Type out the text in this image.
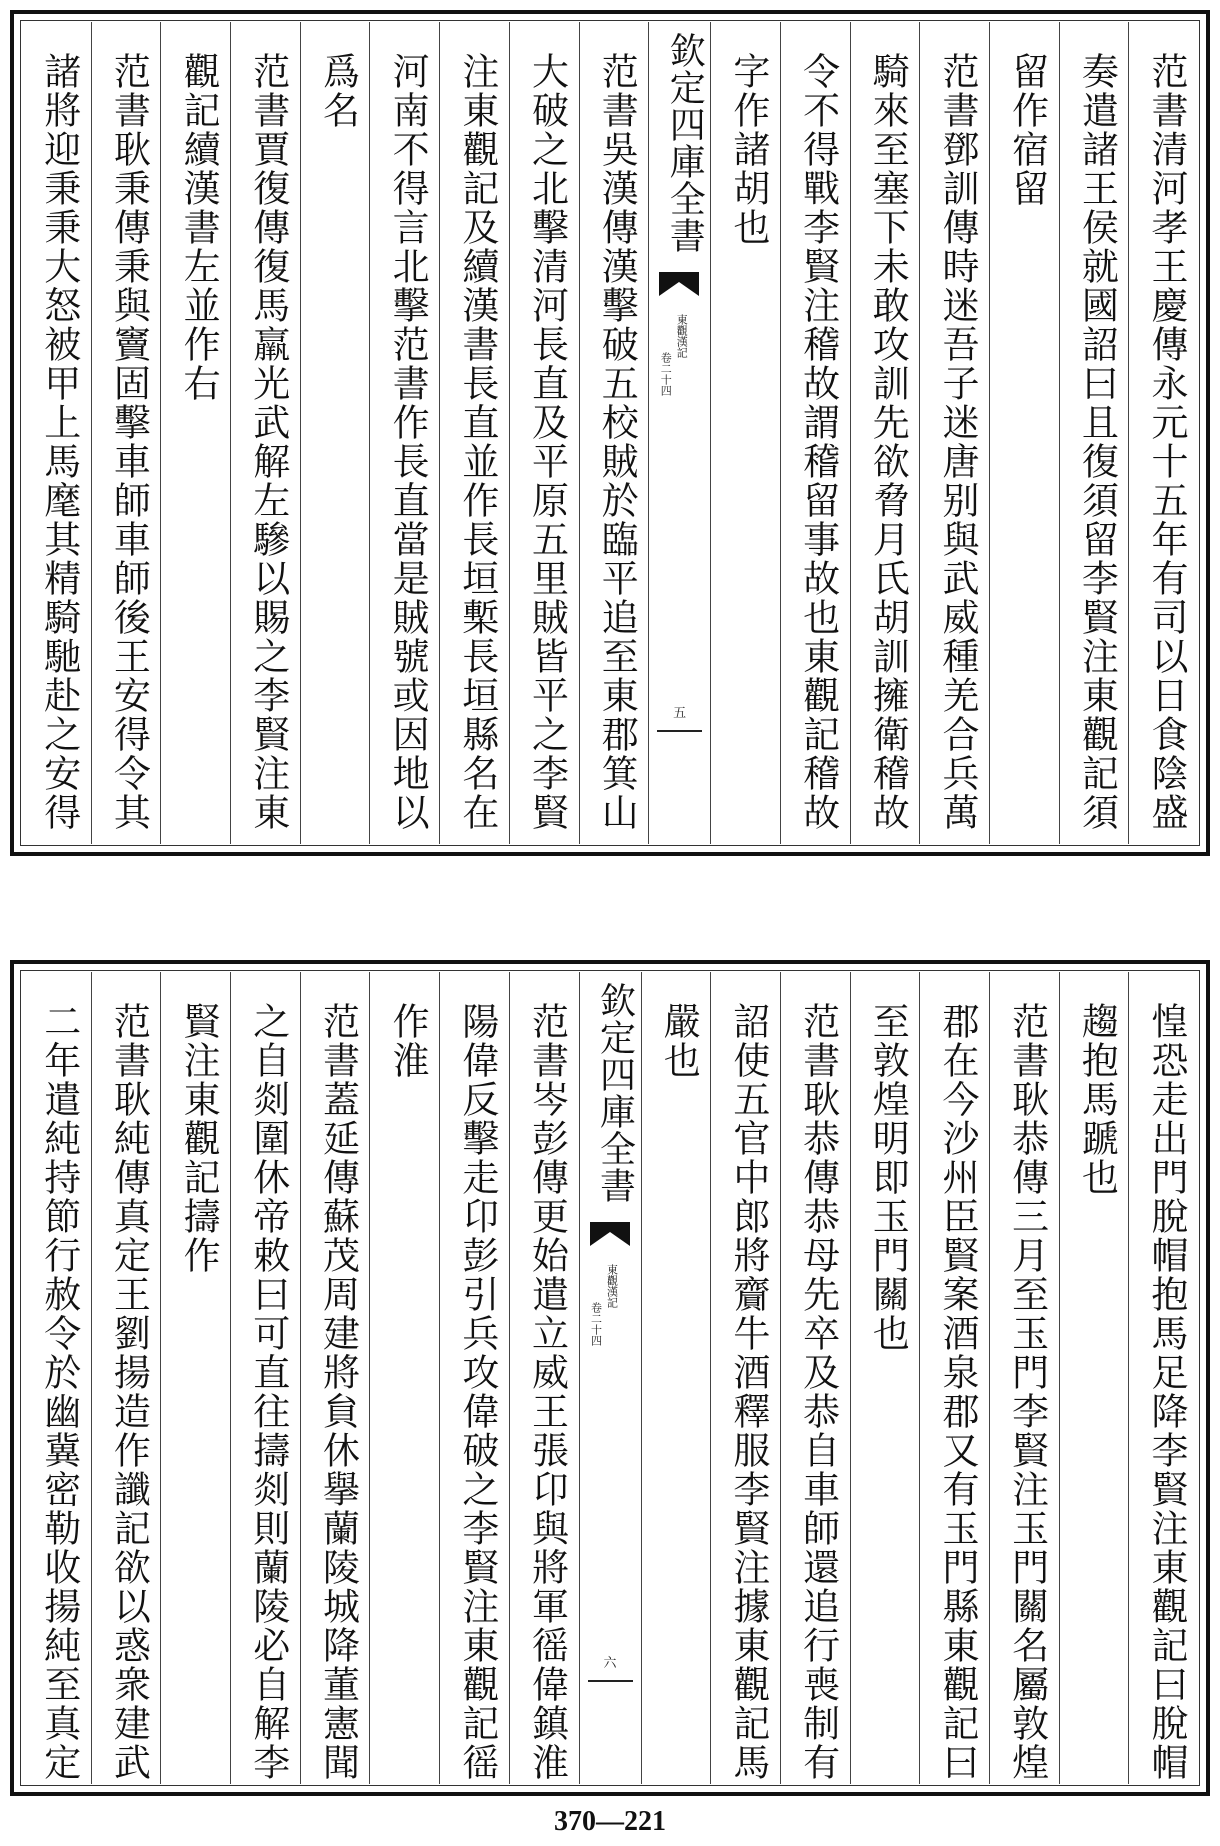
范書清河孝王慶傳永元十五年有司以日食陰盛
奏遣諸王侯就國詔曰且復須留李賢注東觀記須
留作宿留
范書鄧訓傳時迷吾子迷唐别與武威種羌合兵萬
騎來至塞下未敢攻訓先欲脅月氏胡訓擁衛稽故
令不得戰李賢注稽故謂稽留事故也東觀記稽故
字作諸胡也
欽定四庫全書
東觀漢記
卷二十四
五
范書吳漢傳漢擊破五校賊於臨平追至東郡箕山
大破之北擊清河長直及平原五里賊皆平之李賢
注東觀記及續漢書長直並作長垣槧長垣縣名在
河南不得言北擊范書作長直當是賊號或因地以
爲名
范書賈復傳復馬羸光武解左驂以賜之李賢注東
觀記續漢書左並作右
范書耿秉傳秉與竇固擊車師車師後王安得令其
諸將迎秉秉大怒被甲上馬麾其精騎馳赴之安得
惶恐走出門脫帽抱馬足降李賢注東觀記曰脫帽
趨抱馬蹏也
范書耿恭傳三月至玉門李賢注玉門關名屬敦煌
郡在今沙州臣賢案酒泉郡又有玉門縣東觀記曰
至敦煌明即玉門關也
范書耿恭傳恭母先卒及恭自車師還追行喪制有
詔使五官中郎將齎牛酒釋服李賢注據東觀記馬
嚴也
欽定四庫全書
東觀漢記
卷二十四
六
范書岑彭傳更始遣立威王張卬與將軍徭偉鎮淮
陽偉反擊走卬彭引兵攻偉破之李賢注東觀記徭
作淮
范書蓋延傳蘇茂周建將貟休擧蘭陵城降董憲聞
之自剡圍休帝敕曰可直往擣剡則蘭陵必自解李
賢注東觀記擣作
范書耿純傳真定王劉揚造作讖記欲以惑衆建武
二年遣純持節行赦令於幽冀密勒收揚純至真定
370—221
